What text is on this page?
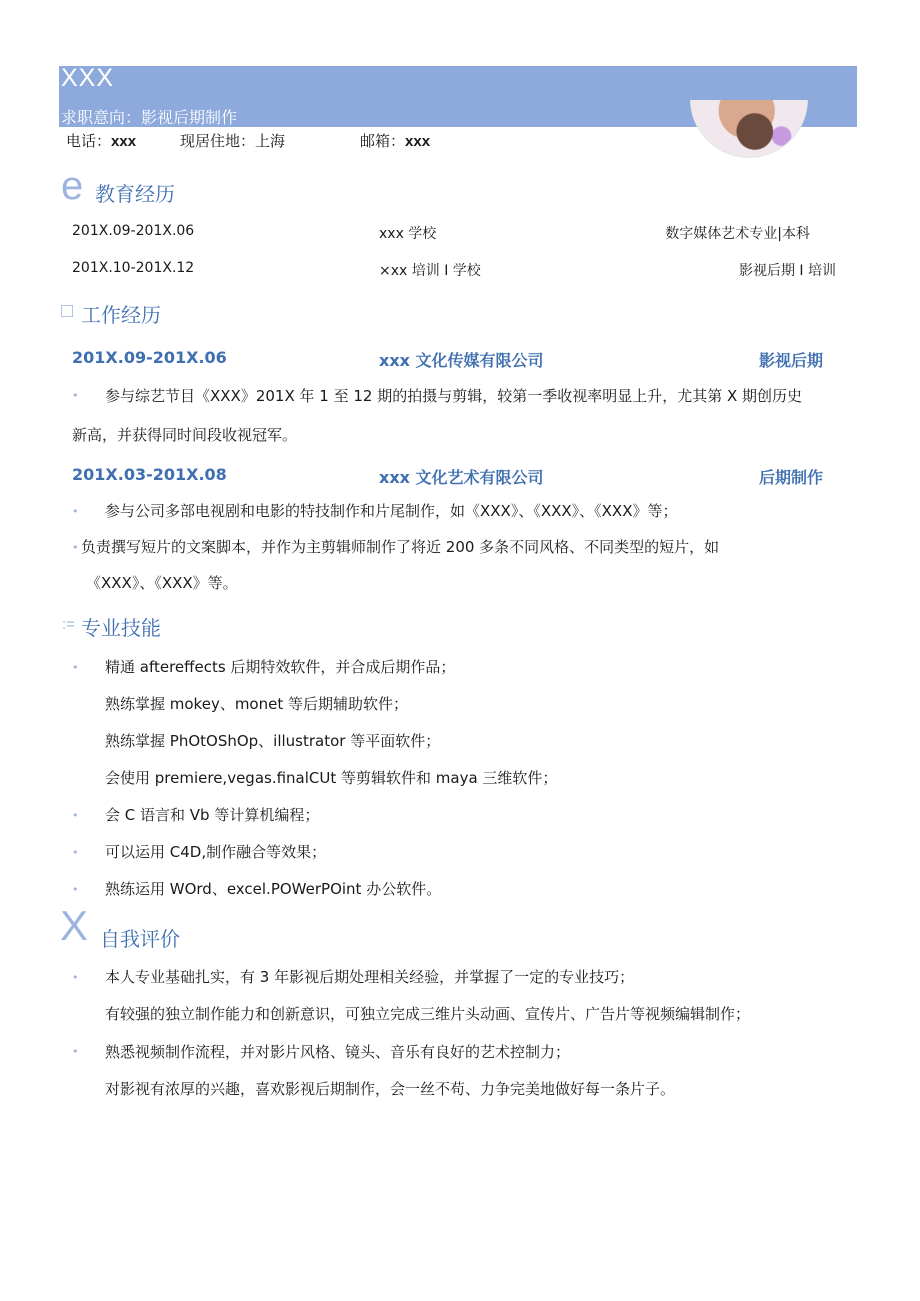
XXX
求职意向：影视后期制作
电话：xxx	现居住地：上海	邮箱：xxx
e 教育经历
201X.09-201X.06	xxx 学校	数字媒体艺术专业|本科
201X.10-201X.12	×xx 培训 I 学校	影视后期 I 培训
□ 工作经历
201X.09-201X.06	xxx 文化传媒有限公司	影视后期
• 参与综艺节目《XXX》201X 年 1 至 12 期的拍摄与剪辑，较第一季收视率明显上升，尤其第 X 期创历史
新高，并获得同时间段收视冠军。
201X.03-201X.08	xxx 文化艺术有限公司	后期制作
• 参与公司多部电视剧和电影的特技制作和片尾制作，如《XXX》、《XXX》、《XXX》等；
• 负责撰写短片的文案脚本，并作为主剪辑师制作了将近 200 多条不同风格、不同类型的短片，如
《XXX》、《XXX》等。
:= 专业技能
• 精通 aftereffects 后期特效软件，并合成后期作品；
熟练掌握 mokey、monet 等后期辅助软件；
熟练掌握 PhOtOShOp、illustrator 等平面软件；
会使用 premiere,vegas.finalCUt 等剪辑软件和 maya 三维软件；
• 会 C 语言和 Vb 等计算机编程；
• 可以运用 C4D,制作融合等效果；
• 熟练运用 WOrd、excel.POWerPOint 办公软件。
X 自我评价
• 本人专业基础扎实，有 3 年影视后期处理相关经验，并掌握了一定的专业技巧；
有较强的独立制作能力和创新意识，可独立完成三维片头动画、宣传片、广告片等视频编辑制作；
• 熟悉视频制作流程，并对影片风格、镜头、音乐有良好的艺术控制力；
对影视有浓厚的兴趣，喜欢影视后期制作，会一丝不苟、力争完美地做好每一条片子。
